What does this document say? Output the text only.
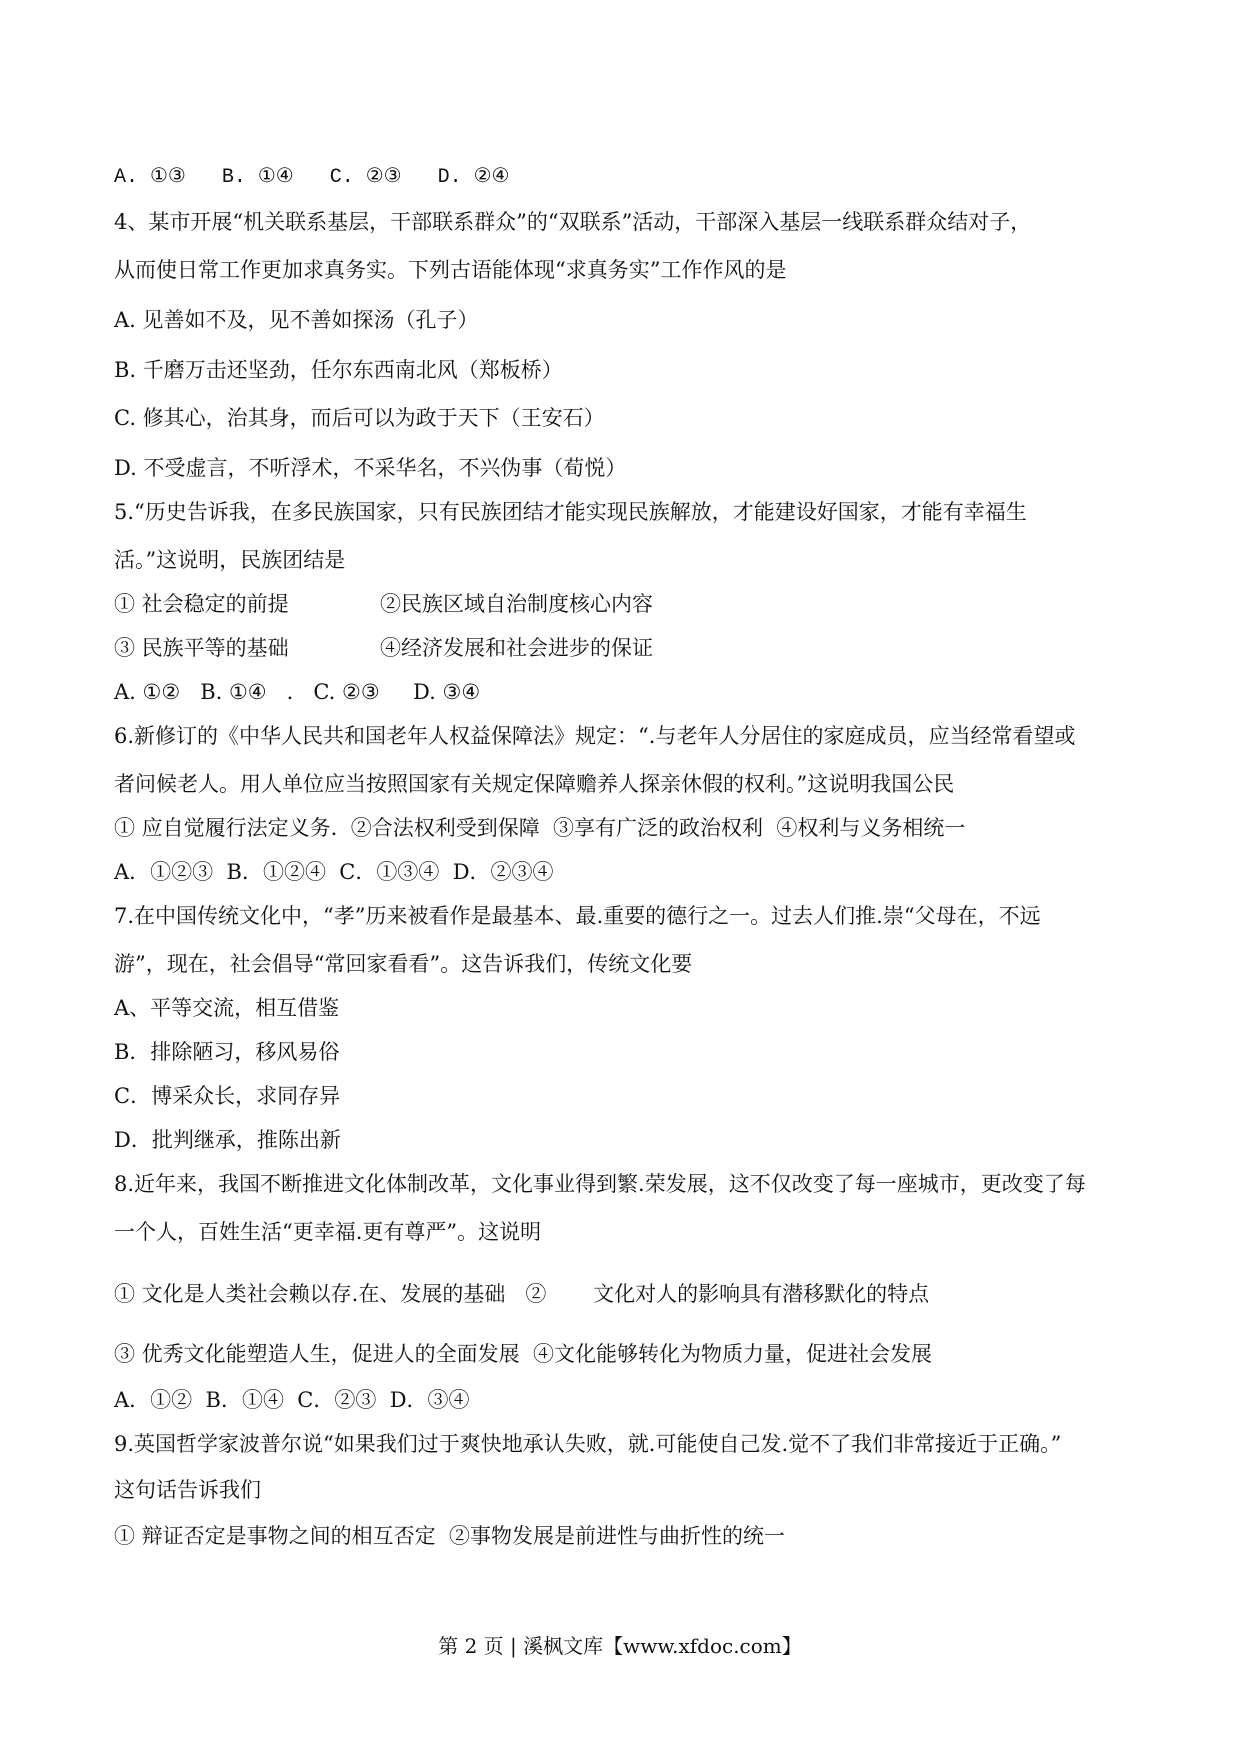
A. ①③   B. ①④   C. ②③   D. ②④
4、某市开展“机关联系基层，干部联系群众”的“双联系”活动，干部深入基层一线联系群众结对子，
从而使日常工作更加求真务实。下列古语能体现“求真务实”工作作风的是
A. 见善如不及，见不善如探汤（孔子）
B. 千磨万击还坚劲，任尔东西南北风（郑板桥）
C. 修其心，治其身，而后可以为政于天下（王安石）
D. 不受虚言，不听浮术，不采华名，不兴伪事（荀悦）
5.“历史告诉我，在多民族国家，只有民族团结才能实现民族解放，才能建设好国家，才能有幸福生
活。”这说明，民族团结是
① 社会稳定的前提	②民族区域自治制度核心内容
③ 民族平等的基础	④经济发展和社会进步的保证
A. ①②   B. ①④   .   C. ②③     D. ③④
6.新修订的《中华人民共和国老年人权益保障法》规定：“.与老年人分居住的家庭成员，应当经常看望或
者问候老人。用人单位应当按照国家有关规定保障赡养人探亲休假的权利。”这说明我国公民
① 应自觉履行法定义务.  ②合法权利受到保障  ③享有广泛的政治权利  ④权利与义务相统一
A．①②③  B．①②④  C．①③④  D．②③④
7.在中国传统文化中，“孝”历来被看作是最基本、最.重要的德行之一。过去人们推.崇“父母在，不远
游”，现在，社会倡导“常回家看看”。这告诉我们，传统文化要
A、平等交流，相互借鉴
B．排除陋习，移风易俗
C．博采众长，求同存异
D．批判继承，推陈出新
8.近年来，我国不断推进文化体制改革，文化事业得到繁.荣发展，这不仅改变了每一座城市，更改变了每
一个人，百姓生活“更幸福.更有尊严”。这说明
① 文化是人类社会赖以存.在、发展的基础   ②       文化对人的影响具有潜移默化的特点
③ 优秀文化能塑造人生，促进人的全面发展  ④文化能够转化为物质力量，促进社会发展
A．①②  B．①④  C．②③  D．③④
9.英国哲学家波普尔说“如果我们过于爽快地承认失败，就.可能使自己发.觉不了我们非常接近于正确。”
这句话告诉我们
① 辩证否定是事物之间的相互否定  ②事物发展是前进性与曲折性的统一
第 2 页 | 溪枫文库【www.xfdoc.com】
